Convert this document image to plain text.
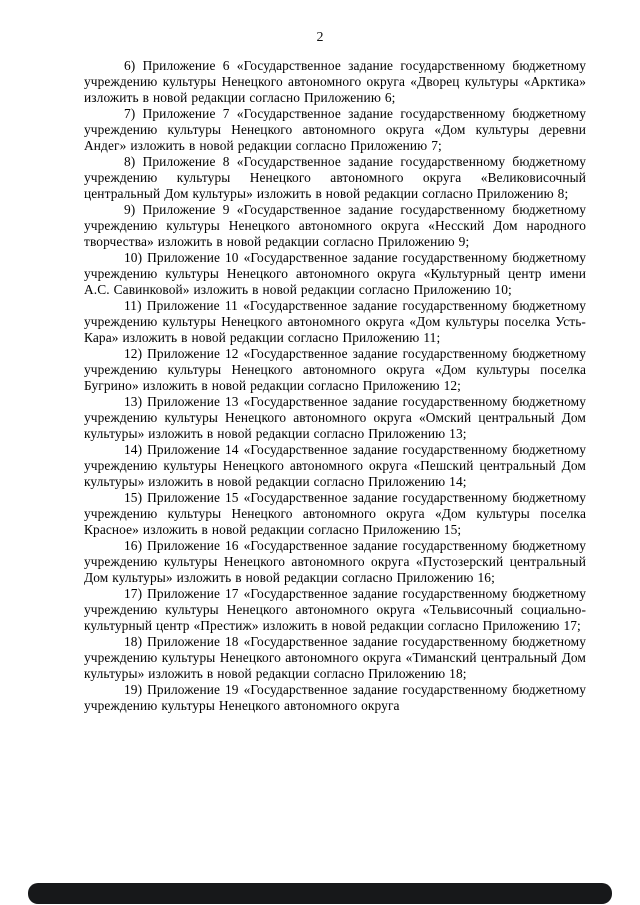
2

6) Приложение 6 «Государственное задание государственному бюджетному учреждению культуры Ненецкого автономного округа «Дворец культуры «Арктика» изложить в новой редакции согласно Приложению 6;

7) Приложение 7 «Государственное задание государственному бюджетному учреждению культуры Ненецкого автономного округа «Дом культуры деревни Андег» изложить в новой редакции согласно Приложению 7;

8) Приложение 8 «Государственное задание государственному бюджетному учреждению культуры Ненецкого автономного округа «Великовисочный центральный Дом культуры» изложить в новой редакции согласно Приложению 8;

9) Приложение 9 «Государственное задание государственному бюджетному учреждению культуры Ненецкого автономного округа «Несский Дом народного творчества» изложить в новой редакции согласно Приложению 9;

10) Приложение 10 «Государственное задание государственному бюджетному учреждению культуры Ненецкого автономного округа «Культурный центр имени А.С. Савинковой» изложить в новой редакции согласно Приложению 10;

11) Приложение 11 «Государственное задание государственному бюджетному учреждению культуры Ненецкого автономного округа «Дом культуры поселка Усть-Кара» изложить в новой редакции согласно Приложению 11;

12) Приложение 12 «Государственное задание государственному бюджетному учреждению культуры Ненецкого автономного округа «Дом культуры поселка Бугрино» изложить в новой редакции согласно Приложению 12;

13) Приложение 13 «Государственное задание государственному бюджетному учреждению культуры Ненецкого автономного округа «Омский центральный Дом культуры» изложить в новой редакции согласно Приложению 13;

14) Приложение 14 «Государственное задание государственному бюджетному учреждению культуры Ненецкого автономного округа «Пешский центральный Дом культуры» изложить в новой редакции согласно Приложению 14;

15) Приложение 15 «Государственное задание государственному бюджетному учреждению культуры Ненецкого автономного округа «Дом культуры поселка Красное» изложить в новой редакции согласно Приложению 15;

16) Приложение 16 «Государственное задание государственному бюджетному учреждению культуры Ненецкого автономного округа «Пустозерский центральный Дом культуры» изложить в новой редакции согласно Приложению 16;

17) Приложение 17 «Государственное задание государственному бюджетному учреждению культуры Ненецкого автономного округа «Тельвисочный социально-культурный центр «Престиж» изложить в новой редакции согласно Приложению 17;

18) Приложение 18 «Государственное задание государственному бюджетному учреждению культуры Ненецкого автономного округа «Тиманский центральный Дом культуры» изложить в новой редакции согласно Приложению 18;

19) Приложение 19 «Государственное задание государственному бюджетному учреждению культуры Ненецкого автономного округа
